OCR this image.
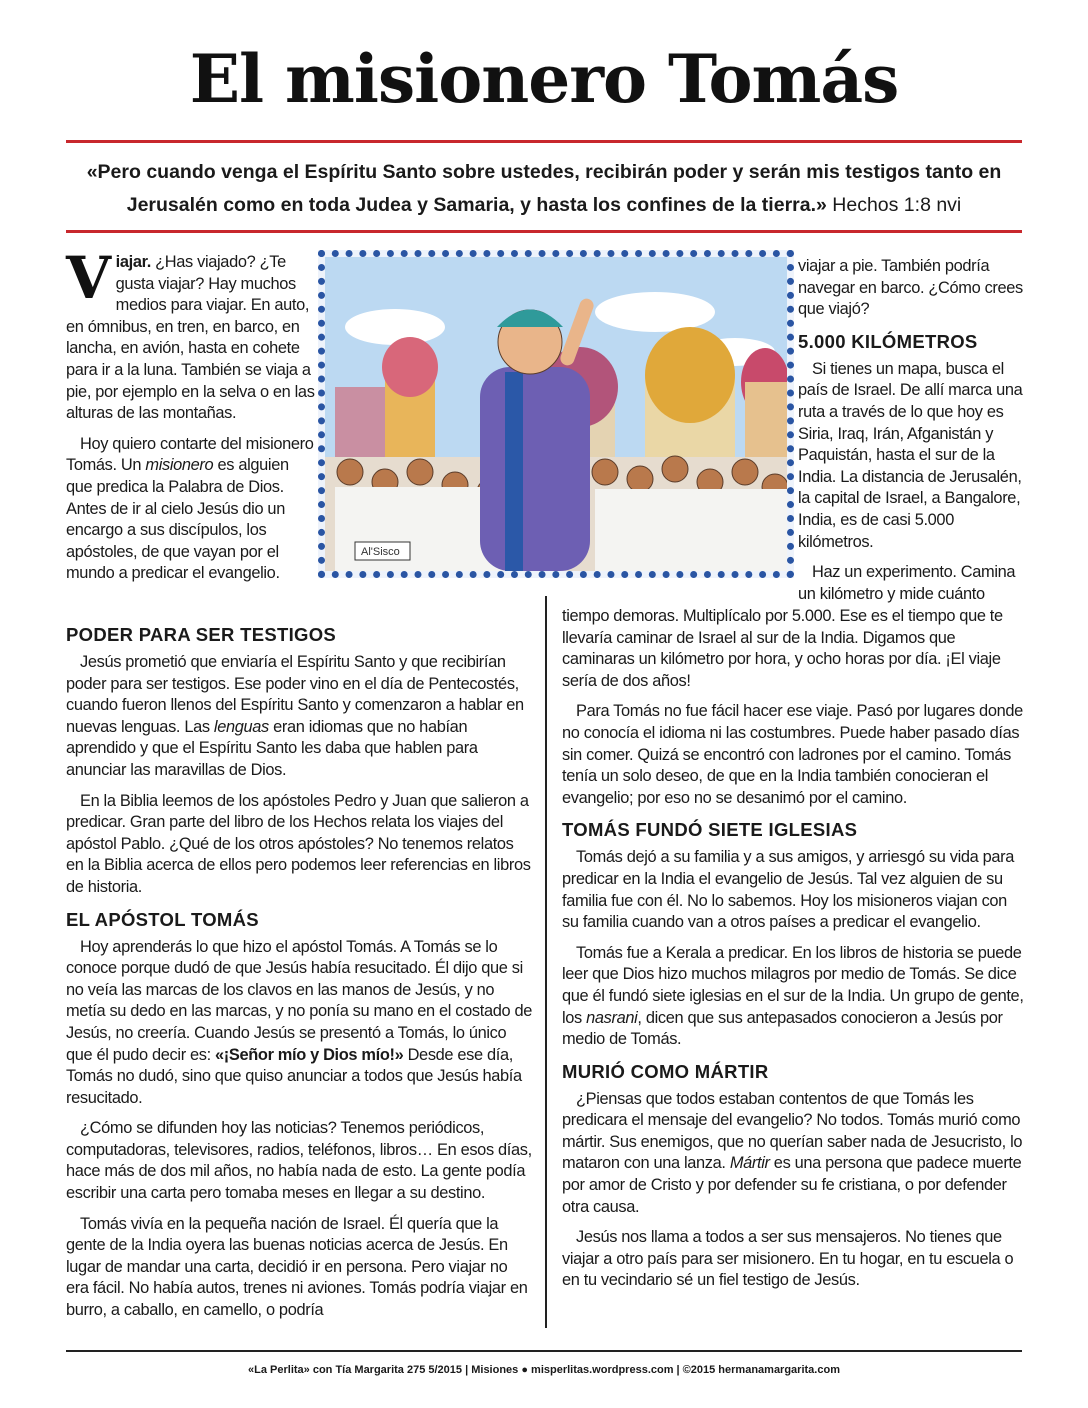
El misionero Tomás
«Pero cuando venga el Espíritu Santo sobre ustedes, recibirán poder y serán mis testigos tanto en Jerusalén como en toda Judea y Samaria, y hasta los confines de la tierra.» Hechos 1:8 nvi

Viajar. ¿Has viajado? ¿Te gusta viajar? Hay muchos medios para viajar. En auto, en ómnibus, en tren, en barco, en lancha, en avión, hasta en cohete para ir a la luna. También se viaja a pie, por ejemplo en la selva o en las alturas de las montañas.

Hoy quiero contarte del misionero Tomás. Un misionero es alguien que predica la Palabra de Dios. Antes de ir al cielo Jesús dio un encargo a sus discípulos, los apóstoles, de que vayan por el mundo a predicar el evangelio.

Al'Sisco

viajar a pie. También podría navegar en barco. ¿Cómo crees que viajó?

5.000 KILÓMETROS

Si tienes un mapa, busca el país de Israel. De allí marca una ruta a través de lo que hoy es Siria, Iraq, Irán, Afganistán y Paquistán, hasta el sur de la India. La distancia de Jerusalén, la capital de Israel, a Bangalore, India, es de casi 5.000 kilómetros.

Haz un experimento. Camina un kilómetro y mide cuánto

PODER PARA SER TESTIGOS

Jesús prometió que enviaría el Espíritu Santo y que recibirían poder para ser testigos. Ese poder vino en el día de Pentecostés, cuando fueron llenos del Espíritu Santo y comenzaron a hablar en nuevas lenguas. Las lenguas eran idiomas que no habían aprendido y que el Espíritu Santo les daba que hablen para anunciar las maravillas de Dios.

En la Biblia leemos de los apóstoles Pedro y Juan que salieron a predicar. Gran parte del libro de los Hechos relata los viajes del apóstol Pablo. ¿Qué de los otros apóstoles? No tenemos relatos en la Biblia acerca de ellos pero podemos leer referencias en libros de historia.

EL APÓSTOL TOMÁS

Hoy aprenderás lo que hizo el apóstol Tomás. A Tomás se lo conoce porque dudó de que Jesús había resucitado. Él dijo que si no veía las marcas de los clavos en las manos de Jesús, y no metía su dedo en las marcas, y no ponía su mano en el costado de Jesús, no creería. Cuando Jesús se presentó a Tomás, lo único que él pudo decir es: «¡Señor mío y Dios mío!» Desde ese día, Tomás no dudó, sino que quiso anunciar a todos que Jesús había resucitado.

¿Cómo se difunden hoy las noticias? Tenemos periódicos, computadoras, televisores, radios, teléfonos, libros… En esos días, hace más de dos mil años, no había nada de esto. La gente podía escribir una carta pero tomaba meses en llegar a su destino.

Tomás vivía en la pequeña nación de Israel. Él quería que la gente de la India oyera las buenas noticias acerca de Jesús. En lugar de mandar una carta, decidió ir en persona. Pero viajar no era fácil. No había autos, trenes ni aviones. Tomás podría viajar en burro, a caballo, en camello, o podría

tiempo demoras. Multiplícalo por 5.000. Ese es el tiempo que te llevaría caminar de Israel al sur de la India. Digamos que caminaras un kilómetro por hora, y ocho horas por día. ¡El viaje sería de dos años!

Para Tomás no fue fácil hacer ese viaje. Pasó por lugares donde no conocía el idioma ni las costumbres. Puede haber pasado días sin comer. Quizá se encontró con ladrones por el camino. Tomás tenía un solo deseo, de que en la India también conocieran el evangelio; por eso no se desanimó por el camino.

TOMÁS FUNDÓ SIETE IGLESIAS

Tomás dejó a su familia y a sus amigos, y arriesgó su vida para predicar en la India el evangelio de Jesús. Tal vez alguien de su familia fue con él. No lo sabemos. Hoy los misioneros viajan con su familia cuando van a otros países a predicar el evangelio.

Tomás fue a Kerala a predicar. En los libros de historia se puede leer que Dios hizo muchos milagros por medio de Tomás. Se dice que él fundó siete iglesias en el sur de la India. Un grupo de gente, los nasrani, dicen que sus antepasados conocieron a Jesús por medio de Tomás.

MURIÓ COMO MÁRTIR

¿Piensas que todos estaban contentos de que Tomás les predicara el mensaje del evangelio? No todos. Tomás murió como mártir. Sus enemigos, que no querían saber nada de Jesucristo, lo mataron con una lanza. Mártir es una persona que padece muerte por amor de Cristo y por defender su fe cristiana, o por defender otra causa.

Jesús nos llama a todos a ser sus mensajeros. No tienes que viajar a otro país para ser misionero. En tu hogar, en tu escuela o en tu vecindario sé un fiel testigo de Jesús.

«La Perlita» con Tía Margarita 275 5/2015 | Misiones ● misperlitas.wordpress.com | ©2015 hermanamargarita.com
